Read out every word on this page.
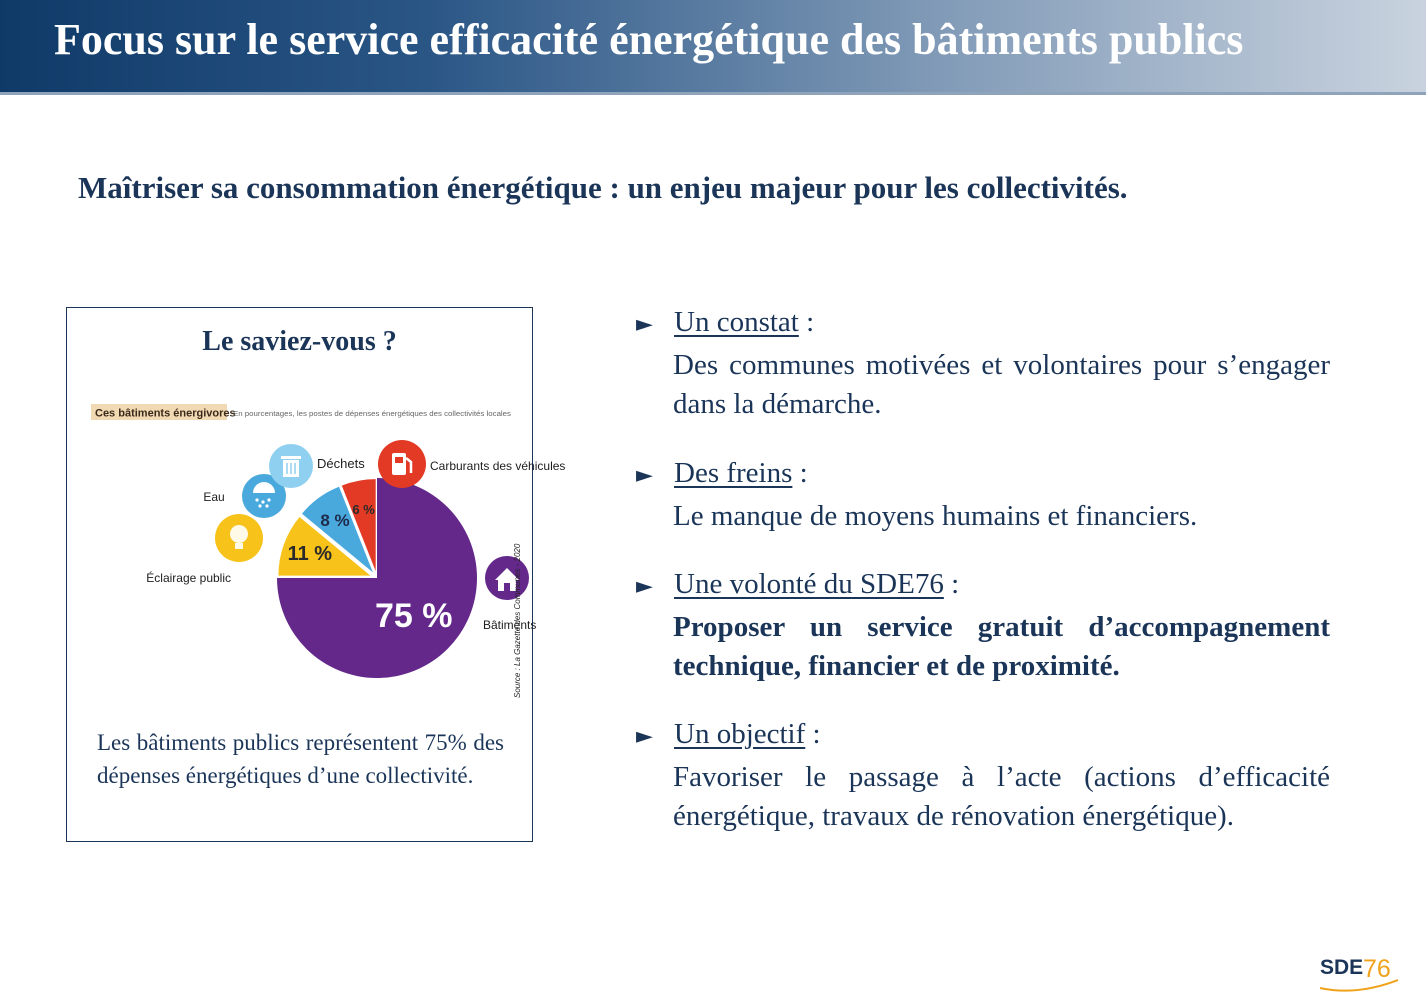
Focus sur le service efficacité énergétique des bâtiments publics
Maîtriser sa consommation énergétique : un enjeu majeur pour les collectivités.
Le saviez-vous ?
Ces bâtiments énergivores
En pourcentages, les postes de dépenses énergétiques des collectivités locales
75 %
11 %
8 %
6 %
Bâtiments
Éclairage public
Eau
Déchets	Carburants des véhicules
Source : La Gazette des Communes - 2020
Les bâtiments publics représentent 75% des dépenses énergétiques d’une collectivité.
► Un constat :
Des communes motivées et volontaires pour s’engager dans la démarche.
► Des freins :
Le manque de moyens humains et financiers.
► Une volonté du SDE76 :
Proposer un service gratuit d’accompagnement technique, financier et de proximité.
► Un objectif :
Favoriser le passage à l’acte (actions d’efficacité énergétique, travaux de rénovation énergétique).
SDE 76
